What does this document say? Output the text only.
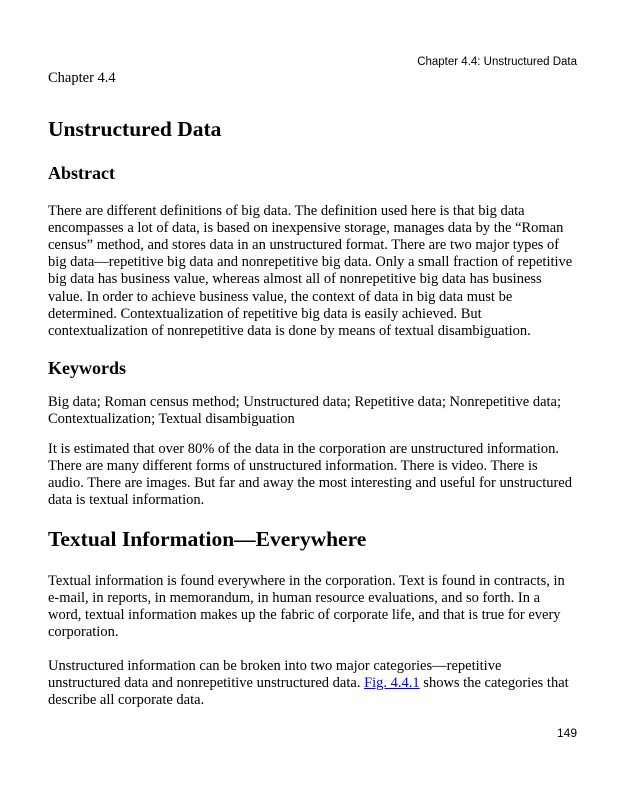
Chapter 4.4: Unstructured Data
Chapter 4.4
Unstructured Data
Abstract

There are different definitions of big data. The definition used here is that big data encompasses a lot of data, is based on inexpensive storage, manages data by the “Roman census” method, and stores data in an unstructured format. There are two major types of big data—repetitive big data and nonrepetitive big data. Only a small fraction of repetitive big data has business value, whereas almost all of nonrepetitive big data has business value. In order to achieve business value, the context of data in big data must be determined. Contextualization of repetitive big data is easily achieved. But contextualization of nonrepetitive data is done by means of textual disambiguation.

Keywords

Big data; Roman census method; Unstructured data; Repetitive data; Nonrepetitive data; Contextualization; Textual disambiguation

It is estimated that over 80% of the data in the corporation are unstructured information. There are many different forms of unstructured information. There is video. There is audio. There are images. But far and away the most interesting and useful for unstructured data is textual information.

Textual Information—Everywhere

Textual information is found everywhere in the corporation. Text is found in contracts, in e-mail, in reports, in memorandum, in human resource evaluations, and so forth. In a word, textual information makes up the fabric of corporate life, and that is true for every corporation.

Unstructured information can be broken into two major categories—repetitive unstructured data and nonrepetitive unstructured data. Fig. 4.4.1 shows the categories that describe all corporate data.

149
